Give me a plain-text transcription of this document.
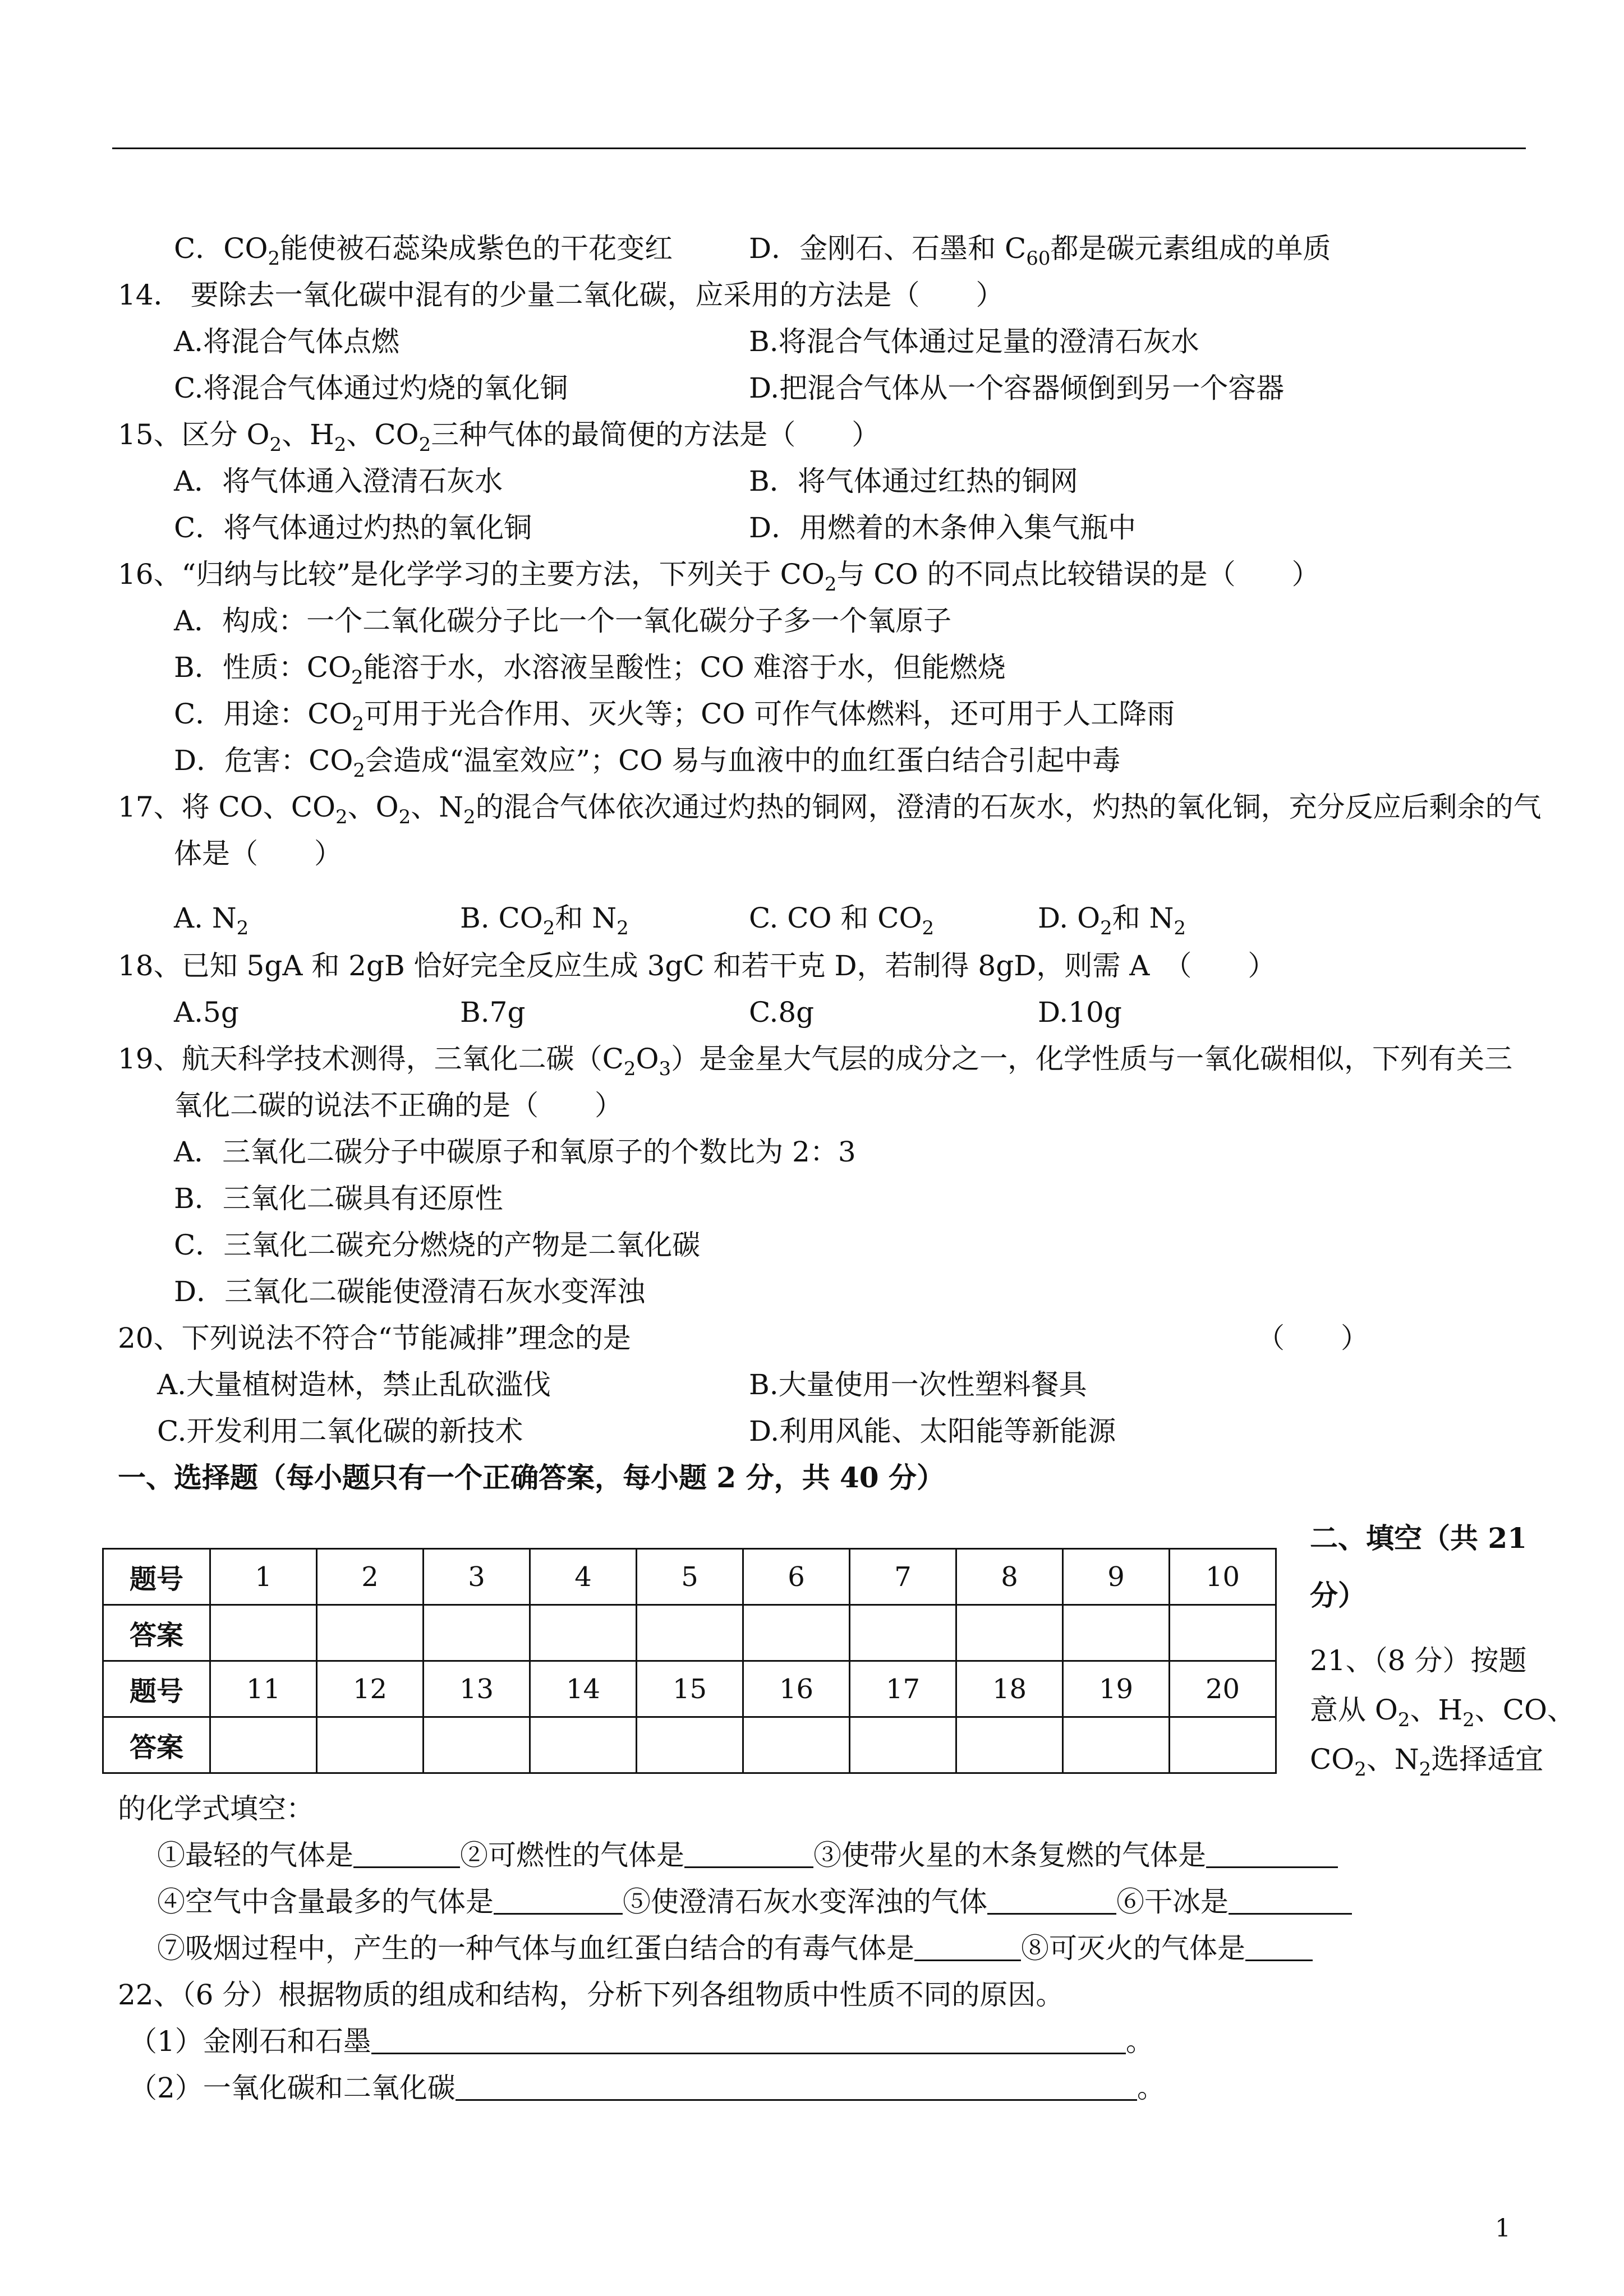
C．$CO_2$能使被石蕊染成紫色的干花变红	D．金刚石、石墨和 $C_{60}$都是碳元素组成的单质
14． 要除去一氧化碳中混有的少量二氧化碳，应采用的方法是（　　）
A.将混合气体点燃	B.将混合气体通过足量的澄清石灰水
C.将混合气体通过灼烧的氧化铜	D.把混合气体从一个容器倾倒到另一个容器
15、区分 $O_2$、$H_2$、$CO_2$三种气体的最简便的方法是（　　）
A．将气体通入澄清石灰水	B．将气体通过红热的铜网
C．将气体通过灼热的氧化铜	D．用燃着的木条伸入集气瓶中
16、“归纳与比较”是化学学习的主要方法，下列关于 $CO_2$与 CO 的不同点比较错误的是（　　）
A．构成：一个二氧化碳分子比一个一氧化碳分子多一个氧原子
B．性质：$CO_2$能溶于水，水溶液呈酸性；CO 难溶于水，但能燃烧
C．用途：$CO_2$可用于光合作用、灭火等；CO 可作气体燃料，还可用于人工降雨
D．危害：$CO_2$会造成“温室效应”；CO 易与血液中的血红蛋白结合引起中毒
17、将 CO、$CO_2$、$O_2$、$N_2$的混合气体依次通过灼热的铜网，澄清的石灰水，灼热的氧化铜，充分反应后剩余的气
体是（　　）
A. $N_2$	B. $CO_2$和 $N_2$	C. CO 和 $CO_2$	D. $O_2$和 $N_2$
18、已知 5gA 和 2gB 恰好完全反应生成 3gC 和若干克 D，若制得 8gD，则需 A　（　　）
A.5g	B.7g	C.8g	D.10g
19、航天科学技术测得，三氧化二碳$(C_2O_3)$是金星大气层的成分之一，化学性质与一氧化碳相似，下列有关三
氧化二碳的说法不正确的是（　　）
A．三氧化二碳分子中碳原子和氧原子的个数比为 2：3
B．三氧化二碳具有还原性
C．三氧化二碳充分燃烧的产物是二氧化碳
D．三氧化二碳能使澄清石灰水变浑浊
20、下列说法不符合“节能减排”理念的是	（　　）
A.大量植树造林，禁止乱砍滥伐	B.大量使用一次性塑料餐具
C.开发利用二氧化碳的新技术	D.利用风能、太阳能等新能源
一、选择题（每小题只有一个正确答案，每小题 2 分，共 40 分）
题号	1	2	3	4	5	6	7	8	9	10
答案										
题号	11	12	13	14	15	16	17	18	19	20
答案										
二、填空（共 21
分）
21、（8 分）按题
意从 $O_2$、$H_2$、CO、
$CO_2$、$N_2$选择适宜
的化学式填空：
①最轻的气体是	②可燃性的气体是	③使带火星的木条复燃的气体是
④空气中含量最多的气体是	⑤使澄清石灰水变浑浊的气体	⑥干冰是
⑦吸烟过程中，产生的一种气体与血红蛋白结合的有毒气体是	⑧可灭火的气体是
22、（6 分）根据物质的组成和结构，分析下列各组物质中性质不同的原因。
（1）金刚石和石墨	。
（2）一氧化碳和二氧化碳	。
1
